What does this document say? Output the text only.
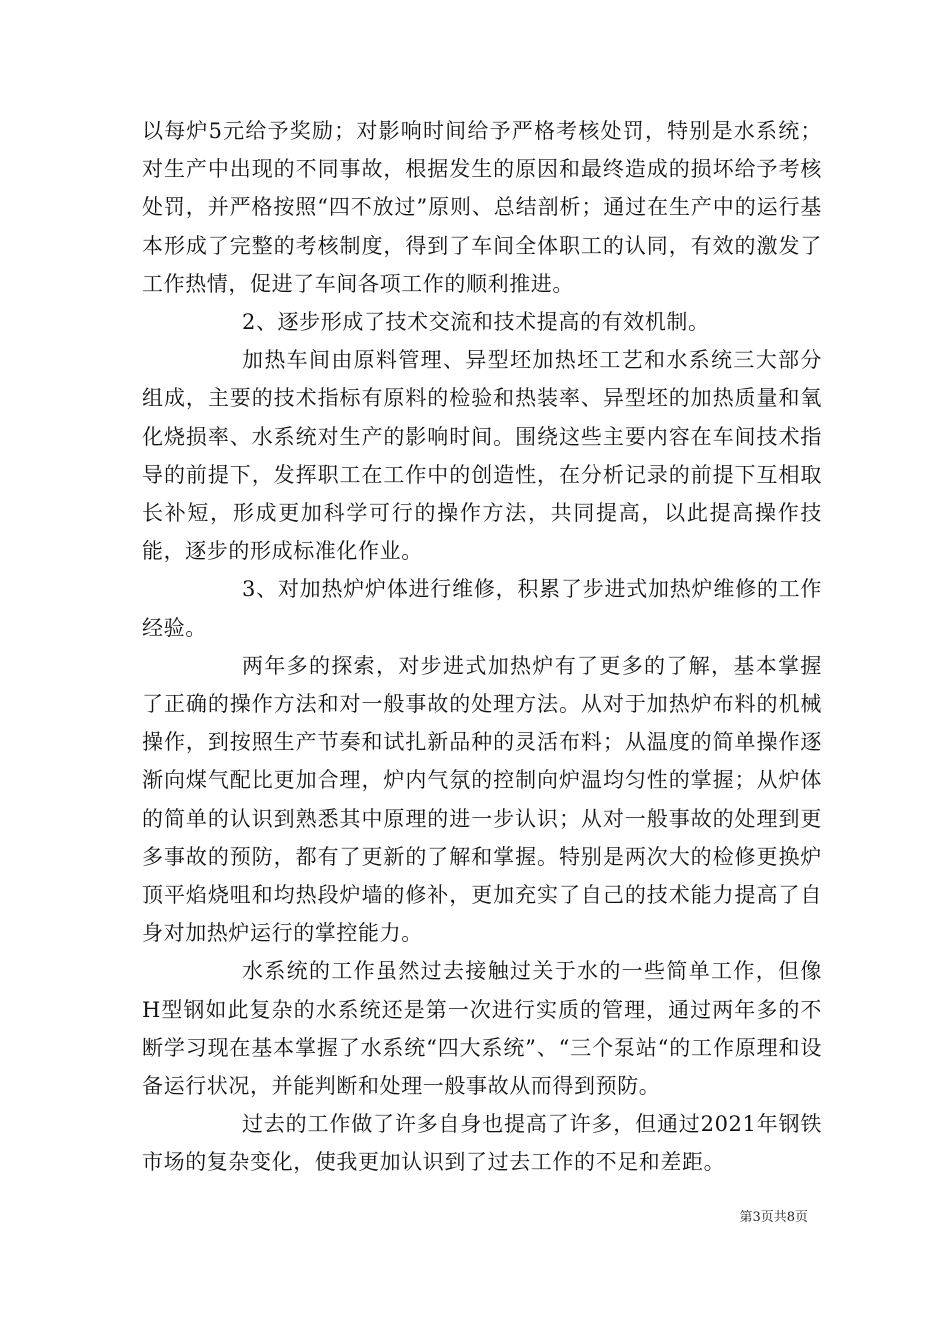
以每炉5元给予奖励；对影响时间给予严格考核处罚，特别是水系统；对生产中出现的不同事故，根据发生的原因和最终造成的损坏给予考核处罚，并严格按照“四不放过”原则、总结剖析；通过在生产中的运行基本形成了完整的考核制度，得到了车间全体职工的认同，有效的激发了工作热情，促进了车间各项工作的顺利推进。

2、逐步形成了技术交流和技术提高的有效机制。

加热车间由原料管理、异型坯加热坯工艺和水系统三大部分组成，主要的技术指标有原料的检验和热装率、异型坯的加热质量和氧化烧损率、水系统对生产的影响时间。围绕这些主要内容在车间技术指导的前提下，发挥职工在工作中的创造性，在分析记录的前提下互相取长补短，形成更加科学可行的操作方法，共同提高，以此提高操作技能，逐步的形成标准化作业。

3、对加热炉炉体进行维修，积累了步进式加热炉维修的工作经验。

两年多的探索，对步进式加热炉有了更多的了解，基本掌握了正确的操作方法和对一般事故的处理方法。从对于加热炉布料的机械操作，到按照生产节奏和试扎新品种的灵活布料；从温度的简单操作逐渐向煤气配比更加合理，炉内气氛的控制向炉温均匀性的掌握；从炉体的简单的认识到熟悉其中原理的进一步认识；从对一般事故的处理到更多事故的预防，都有了更新的了解和掌握。特别是两次大的检修更换炉顶平焰烧咀和均热段炉墙的修补，更加充实了自己的技术能力提高了自身对加热炉运行的掌控能力。

水系统的工作虽然过去接触过关于水的一些简单工作，但像H型钢如此复杂的水系统还是第一次进行实质的管理，通过两年多的不断学习现在基本掌握了水系统“四大系统”、“三个泵站“的工作原理和设备运行状况，并能判断和处理一般事故从而得到预防。

过去的工作做了许多自身也提高了许多，但通过2021年钢铁市场的复杂变化，使我更加认识到了过去工作的不足和差距。

第3页共8页
